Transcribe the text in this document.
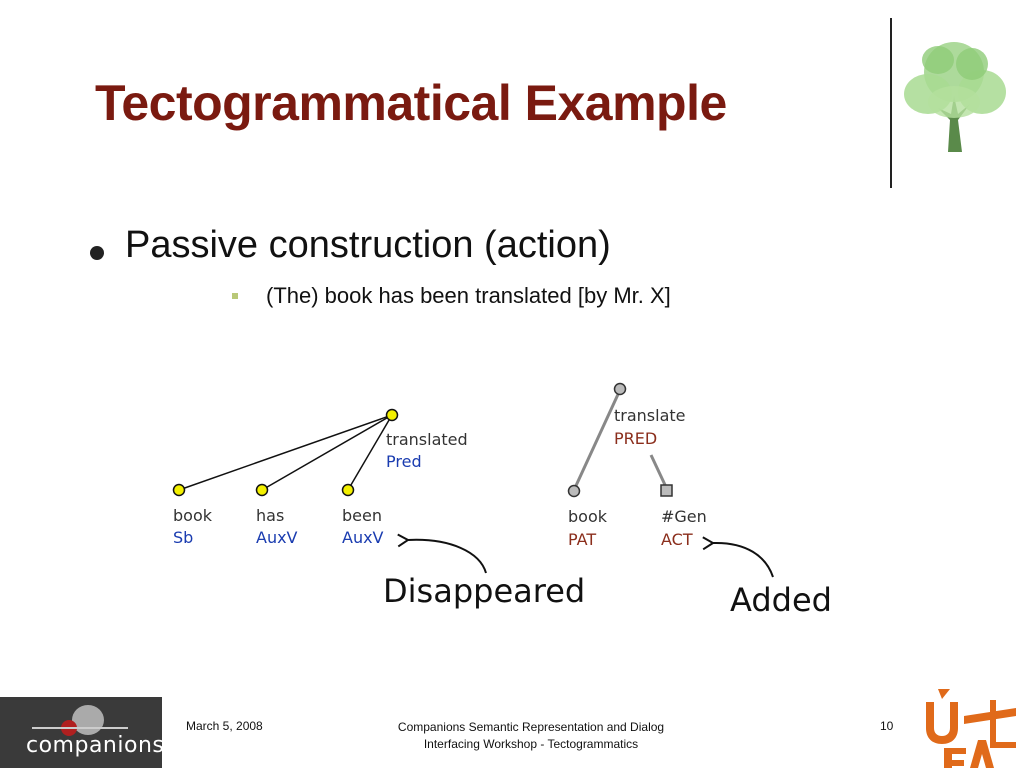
Tectogrammatical Example
Passive construction (action)
(The) book has been translated [by Mr. X]
translated
Pred
book
Sb
has
AuxV
been
AuxV
translate
PRED
book
PAT
#Gen
ACT
Disappeared	Added
companions
March 5, 2008	Companions Semantic Representation and Dialog
Interfacing Workshop - Tectogrammatics
10
